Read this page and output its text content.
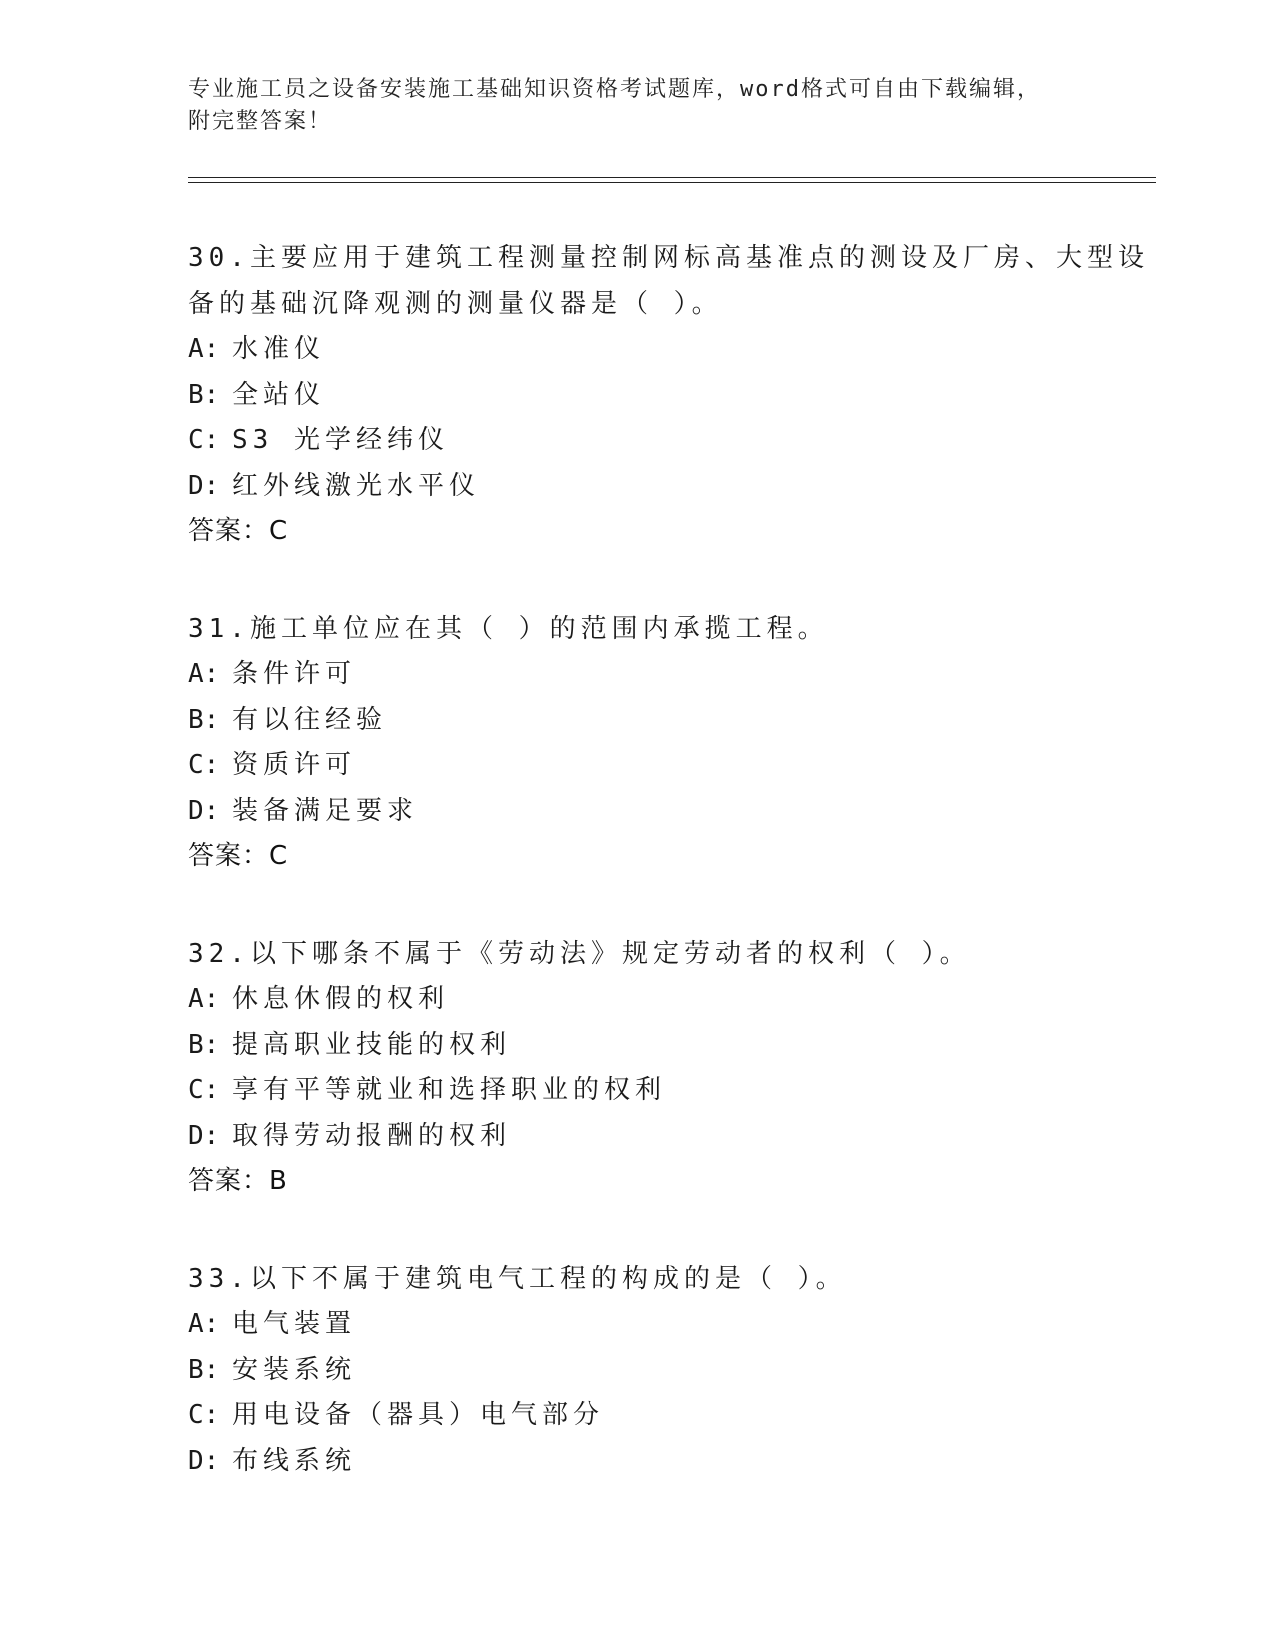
专业施工员之设备安装施工基础知识资格考试题库，word格式可自由下载编辑，
附完整答案！
30.主要应用于建筑工程测量控制网标高基准点的测设及厂房、大型设
备的基础沉降观测的测量仪器是（ ）。
A: 水准仪
B: 全站仪
C: S3 光学经纬仪
D: 红外线激光水平仪
答案：C
31.施工单位应在其（ ）的范围内承揽工程。
A: 条件许可
B: 有以往经验
C: 资质许可
D: 装备满足要求
答案：C
32.以下哪条不属于《劳动法》规定劳动者的权利（ ）。
A: 休息休假的权利
B: 提高职业技能的权利
C: 享有平等就业和选择职业的权利
D: 取得劳动报酬的权利
答案：B
33.以下不属于建筑电气工程的构成的是（ ）。
A: 电气装置
B: 安装系统
C: 用电设备（器具）电气部分
D: 布线系统
